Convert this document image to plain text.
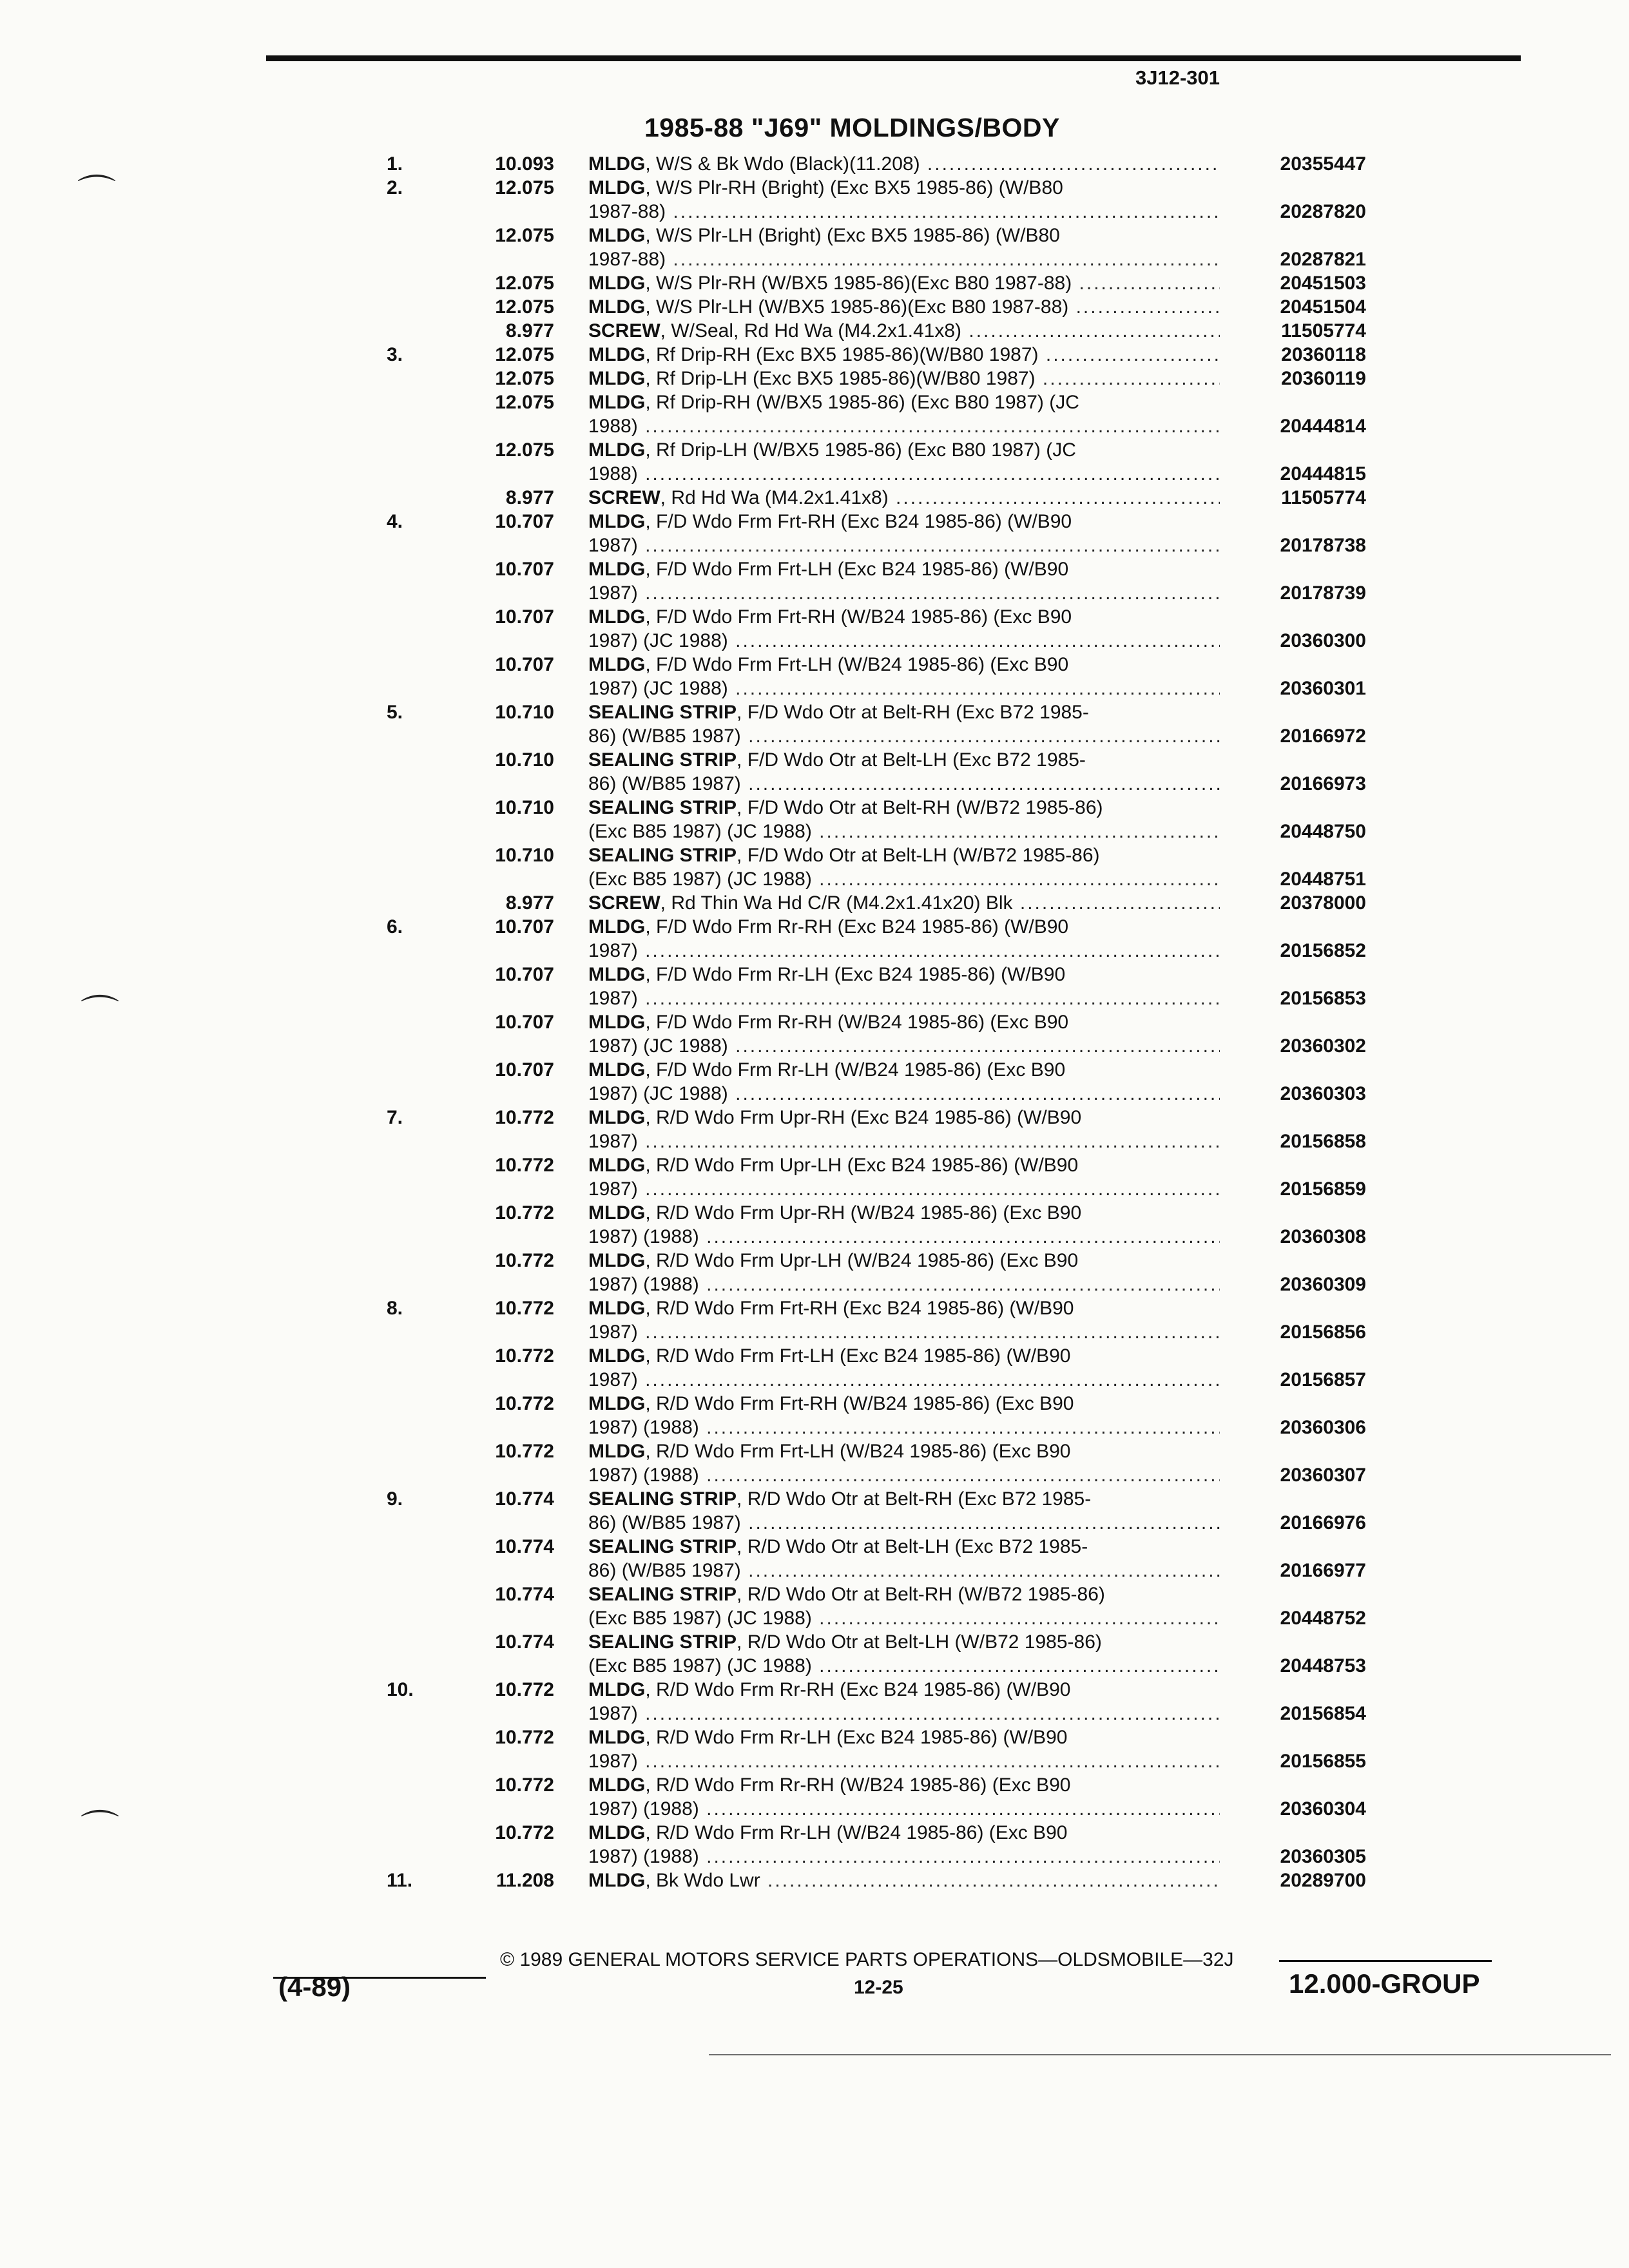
3J12-301
1985-88 "J69" MOLDINGS/BODY
1.	10.093 MLDG, W/S & Bk Wdo (Black)(11.208) .....	20355447
2.	12.075 MLDG, W/S Plr-RH (Bright) (Exc BX5 1985-86) (W/B80
1987-88) .....	20287820
12.075 MLDG, W/S Plr-LH (Bright) (Exc BX5 1985-86) (W/B80
1987-88) .....	20287821
12.075 MLDG, W/S Plr-RH (W/BX5 1985-86)(Exc B80 1987-88) .....	20451503
12.075 MLDG, W/S Plr-LH (W/BX5 1985-86)(Exc B80 1987-88) .....	20451504
8.977 SCREW, W/Seal, Rd Hd Wa (M4.2x1.41x8) .....	11505774
3.	12.075 MLDG, Rf Drip-RH (Exc BX5 1985-86)(W/B80 1987) .....	20360118
12.075 MLDG, Rf Drip-LH (Exc BX5 1985-86)(W/B80 1987) .....	20360119
12.075 MLDG, Rf Drip-RH (W/BX5 1985-86) (Exc B80 1987) (JC
1988) .....	20444814
12.075 MLDG, Rf Drip-LH (W/BX5 1985-86) (Exc B80 1987) (JC
1988) .....	20444815
8.977 SCREW, Rd Hd Wa (M4.2x1.41x8) .....	11505774
4.	10.707 MLDG, F/D Wdo Frm Frt-RH (Exc B24 1985-86) (W/B90
1987) .....	20178738
10.707 MLDG, F/D Wdo Frm Frt-LH (Exc B24 1985-86) (W/B90
1987) .....	20178739
10.707 MLDG, F/D Wdo Frm Frt-RH (W/B24 1985-86) (Exc B90
1987) (JC 1988) .....	20360300
10.707 MLDG, F/D Wdo Frm Frt-LH (W/B24 1985-86) (Exc B90
1987) (JC 1988) .....	20360301
5.	10.710 SEALING STRIP, F/D Wdo Otr at Belt-RH (Exc B72 1985-
86) (W/B85 1987) .....	20166972
10.710 SEALING STRIP, F/D Wdo Otr at Belt-LH (Exc B72 1985-
86) (W/B85 1987) .....	20166973
10.710 SEALING STRIP, F/D Wdo Otr at Belt-RH (W/B72 1985-86)
(Exc B85 1987) (JC 1988) .....	20448750
10.710 SEALING STRIP, F/D Wdo Otr at Belt-LH (W/B72 1985-86)
(Exc B85 1987) (JC 1988) .....	20448751
8.977 SCREW, Rd Thin Wa Hd C/R (M4.2x1.41x20) Blk .....	20378000
6.	10.707 MLDG, F/D Wdo Frm Rr-RH (Exc B24 1985-86) (W/B90
1987) .....	20156852
10.707 MLDG, F/D Wdo Frm Rr-LH (Exc B24 1985-86) (W/B90
1987) .....	20156853
10.707 MLDG, F/D Wdo Frm Rr-RH (W/B24 1985-86) (Exc B90
1987) (JC 1988) .....	20360302
10.707 MLDG, F/D Wdo Frm Rr-LH (W/B24 1985-86) (Exc B90
1987) (JC 1988) .....	20360303
7.	10.772 MLDG, R/D Wdo Frm Upr-RH (Exc B24 1985-86) (W/B90
1987) .....	20156858
10.772 MLDG, R/D Wdo Frm Upr-LH (Exc B24 1985-86) (W/B90
1987) .....	20156859
10.772 MLDG, R/D Wdo Frm Upr-RH (W/B24 1985-86) (Exc B90
1987) (1988) .....	20360308
10.772 MLDG, R/D Wdo Frm Upr-LH (W/B24 1985-86) (Exc B90
1987) (1988) .....	20360309
8.	10.772 MLDG, R/D Wdo Frm Frt-RH (Exc B24 1985-86) (W/B90
1987) .....	20156856
10.772 MLDG, R/D Wdo Frm Frt-LH (Exc B24 1985-86) (W/B90
1987) .....	20156857
10.772 MLDG, R/D Wdo Frm Frt-RH (W/B24 1985-86) (Exc B90
1987) (1988) .....	20360306
10.772 MLDG, R/D Wdo Frm Frt-LH (W/B24 1985-86) (Exc B90
1987) (1988) .....	20360307
9.	10.774 SEALING STRIP, R/D Wdo Otr at Belt-RH (Exc B72 1985-
86) (W/B85 1987) .....	20166976
10.774 SEALING STRIP, R/D Wdo Otr at Belt-LH (Exc B72 1985-
86) (W/B85 1987) .....	20166977
10.774 SEALING STRIP, R/D Wdo Otr at Belt-RH (W/B72 1985-86)
(Exc B85 1987) (JC 1988) .....	20448752
10.774 SEALING STRIP, R/D Wdo Otr at Belt-LH (W/B72 1985-86)
(Exc B85 1987) (JC 1988) .....	20448753
10.	10.772 MLDG, R/D Wdo Frm Rr-RH (Exc B24 1985-86) (W/B90
1987) .....	20156854
10.772 MLDG, R/D Wdo Frm Rr-LH (Exc B24 1985-86) (W/B90
1987) .....	20156855
10.772 MLDG, R/D Wdo Frm Rr-RH (W/B24 1985-86) (Exc B90
1987) (1988) .....	20360304
10.772 MLDG, R/D Wdo Frm Rr-LH (W/B24 1985-86) (Exc B90
1987) (1988) .....	20360305
11.	11.208 MLDG, Bk Wdo Lwr .....	20289700
© 1989 GENERAL MOTORS SERVICE PARTS OPERATIONS—OLDSMOBILE—32J
(4-89)	12-25	12.000-GROUP
⌒
⌒
⌒
